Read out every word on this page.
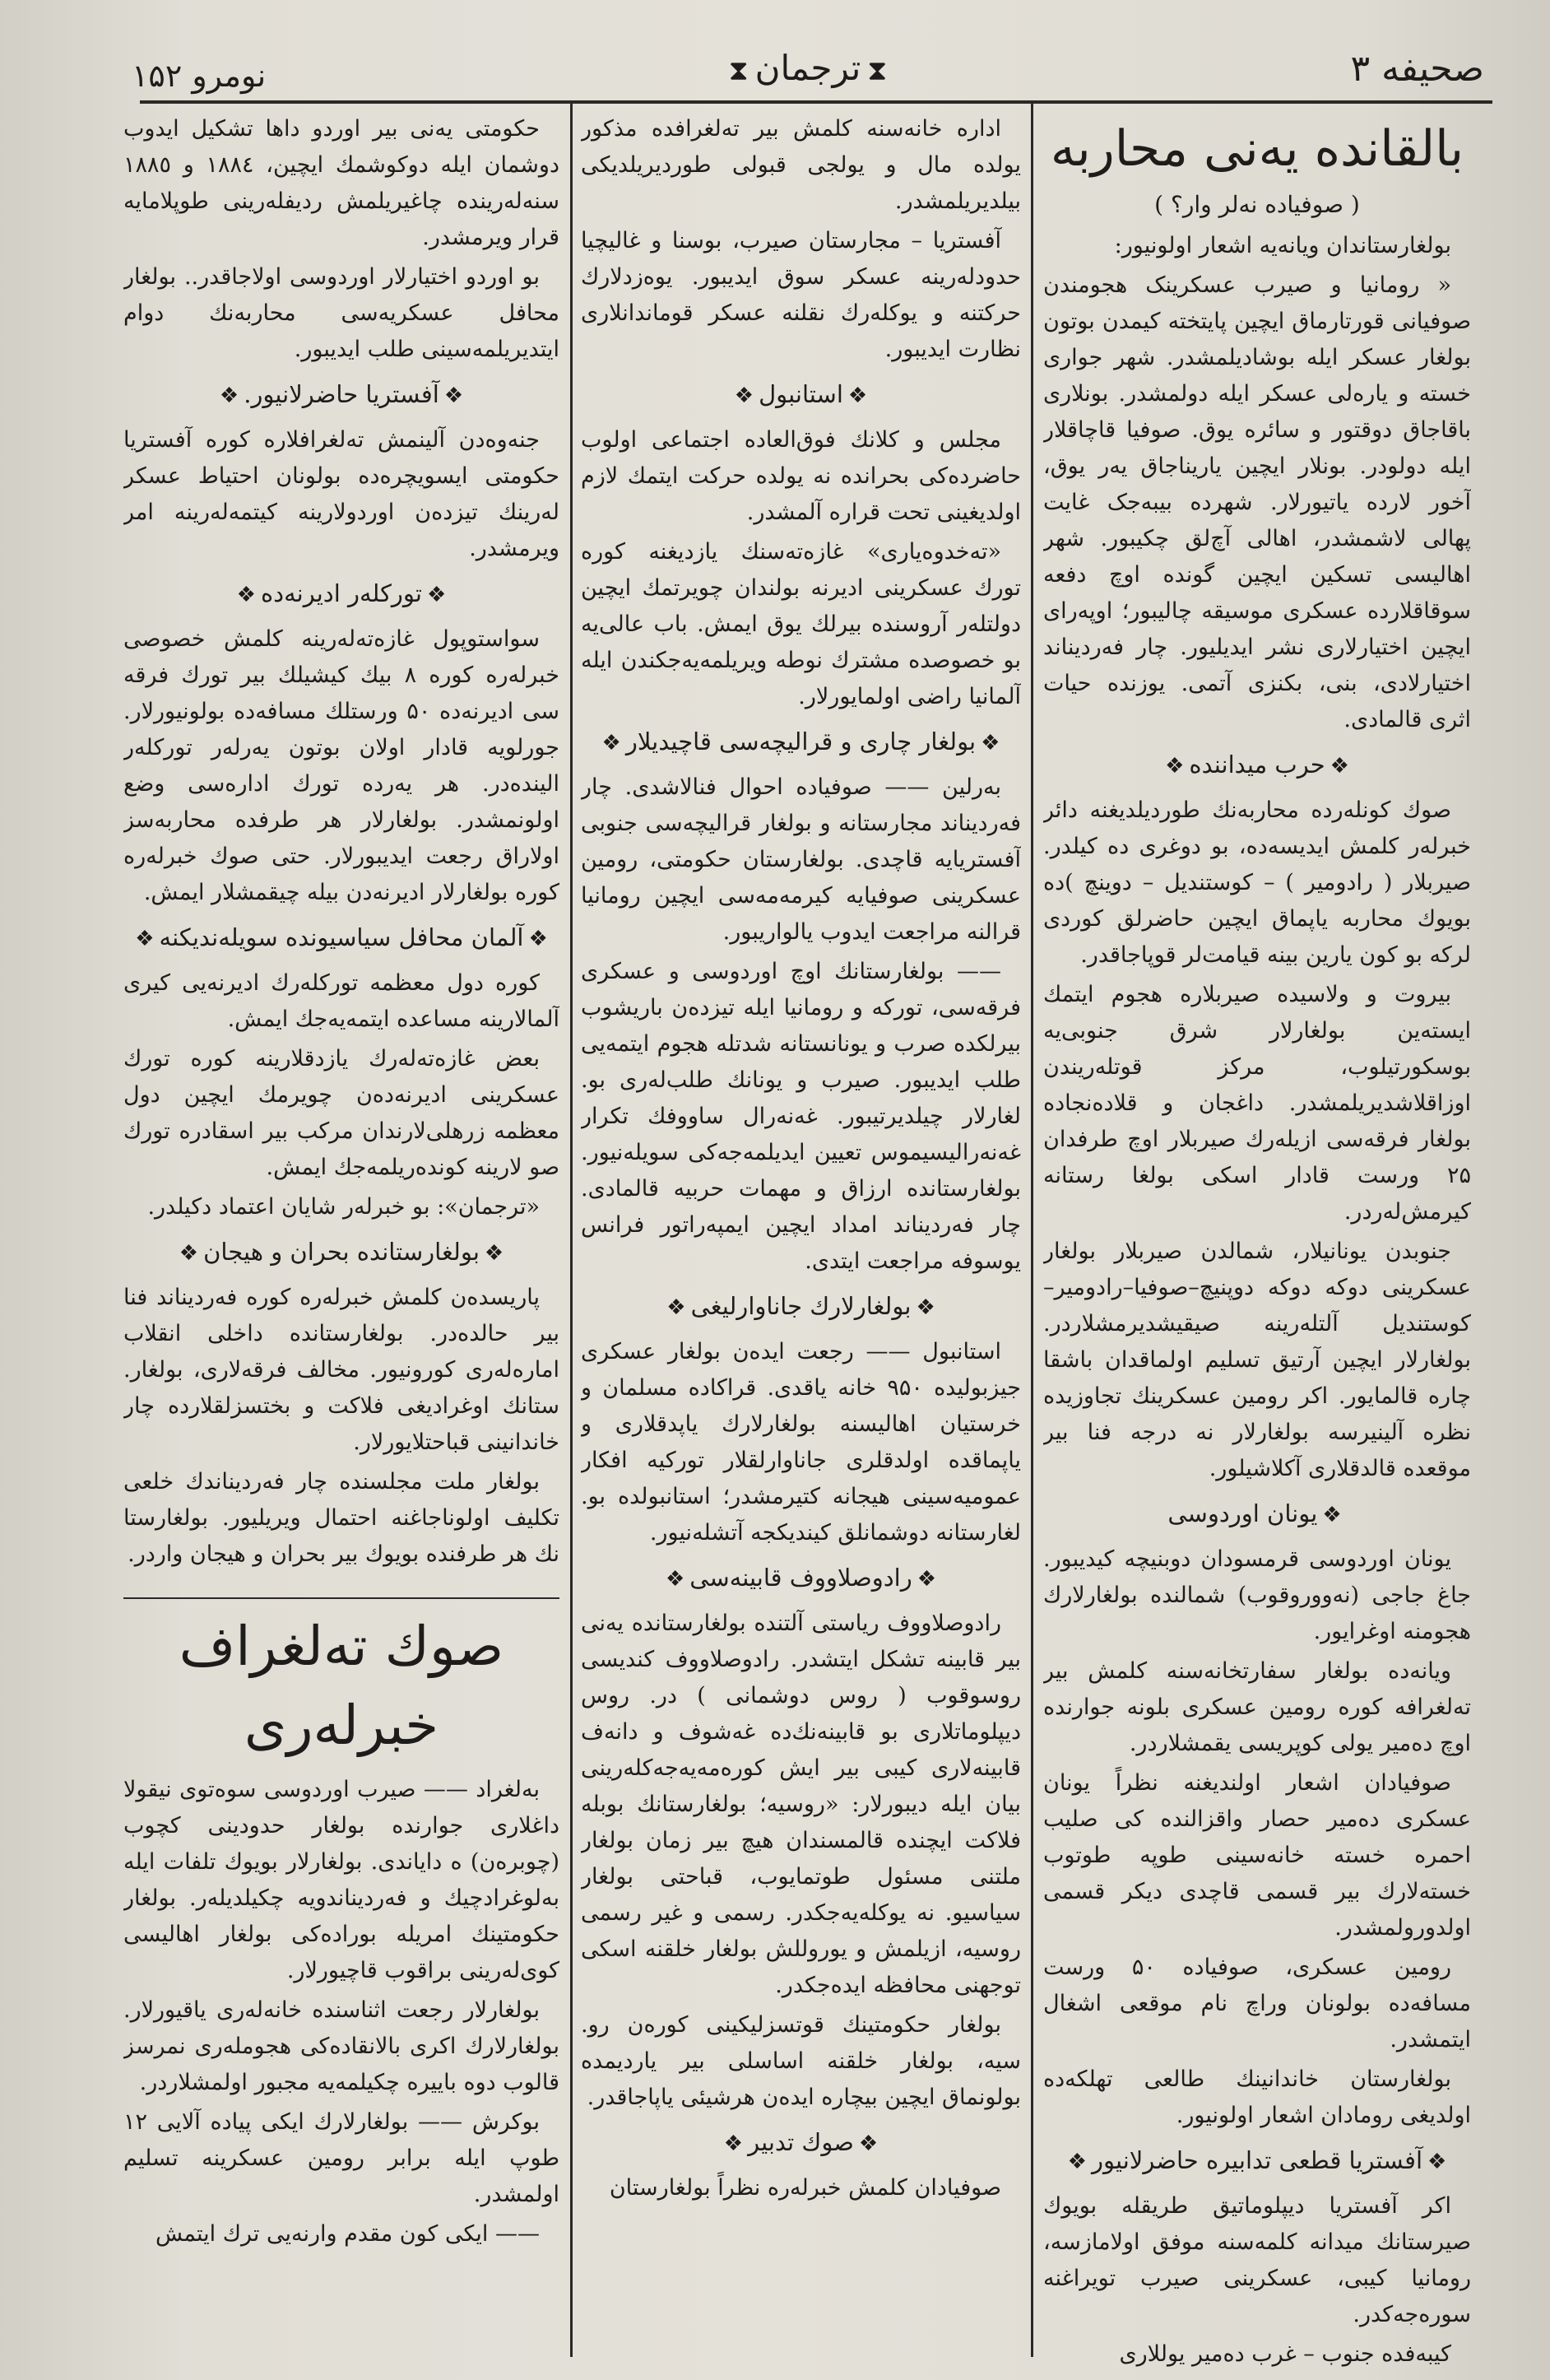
صحیفه ۳
⧗ترجمان⧗
نومرو ۱۵۲
بالقانده یه‌نی محاربه
( صوفیاده نه‌لر وار؟ )

بولغارستاندان ویانه‌یه اشعار اولونیور:

« رومانیا و صیرب عسکرینک هجومندن صوفیانی قورتارماق ایچین پایتخته کیمدن بوتون بولغار عسکر ایله بوشادیلمشدر. شهر جواری خسته و یارەلی عسکر ایله دولمشدر. بونلاری باقاجاق دوقتور و سائره یوق. صوفیا قاچاقلار ایله دولودر. بونلار ایچین یاریناجاق یەر یوق، آخور لارده یاتیورلار. شهرده بیبه‌جک غایت پهالی لاشمشدر، اهالی آچ‌لق چکیبور. شهر اهالیسی تسکین ایچین گونده اوچ دفعه سوقاقلارده عسکری موسیقه چالیبور؛ اوپەرای ایچین اختیارلاری نشر ایدیلیور. چار فەردیناند اختیارلادی، بنی، بکنزی آتمی. یوزنده حیات اثری قالمادی.

❖حرب میداننده❖

صوك کونلەرده محاربه‌نك طوردیلدیغنه دائر خبرلەر کلمش ایدیسه‌ده، بو دوغری ده کیلدر. صیربلار ( رادومیر ) – کوستندیل – دوینچ )ده بویوك محاربه یاپماق ایچین حاضرلق کوردی لرکه بو کون یارین بینه قیامت‌لر قوپاجاقدر.

بیروت و ولاسیده صیربلاره هجوم ایتمك ایسته‌ین بولغارلار شرق جنوبی‌یه بوسکورتیلوب، مرکز قوتلەریندن اوزاقلاشدیریلمشدر. داغجان و قلاده‌نجاده بولغار فرقه‌سی ازیله‌رك صیربلار اوچ طرفدان ۲۵ ورست قادار اسکی بولغا رستانه کیرمش‌لەردر.

جنوبدن یونانیلار، شمالدن صیربلار بولغار عسکرینی دوکه دوکه دوپنیچ–صوفیا–رادومیر–کوستندیل آلتلەرینه صیقیشدیرمشلاردر. بولغارلار ایچین آرتیق تسلیم اولماقدان باشقا چاره قالمایور. اکر رومین عسکرینك تجاوزیده نظره آلینیرسه بولغارلار نه درجه فنا بیر موقعده قالدقلاری آکلاشیلور.

❖یونان اوردوسی

یونان اوردوسی قرمسودان دوبنیچه کیدیبور. جاغ جاجی (نەووروقوب) شمالنده بولغارلارك هجومنه اوغرایور.

ویانه‌ده بولغار سفارتخانه‌سنه کلمش بیر تەلغرافه کوره رومین عسکری بلونه جوارنده اوچ دەمیر یولی کوپریسی یقمشلاردر.

صوفیادان اشعار اولندیغنه نظراً یونان عسکری دەمیر حصار واقزالنده کی صلیب احمره خسته خانه‌سینی طوپه طوتوب خسته‌لارك بیر قسمی قاچدی دیکر قسمی اولدورولمشدر.

رومین عسکری، صوفیاده ۵۰ ورست مسافه‌ده بولونان وراچ نام موقعی اشغال ایتمشدر.

بولغارستان خاندانینك طالعی تهلکه‌ده اولدیغی رومادان اشعار اولونیور.

❖آفستریا قطعی تدابیره حاضرلانیور❖

اکر آفستریا دیپلوماتیق طریقله بویوك صیرستانك میدانه کلمه‌سنه موفق اولامازسه، رومانیا کیبی، عسکرینی صیرب تویراغنه سوره‌جه‌کدر.

کیبه‌فده جنوب – غرب دەمیر یوللاری

اداره خانه‌سنه کلمش بیر تەلغرافده مذکور یولده مال و یولجی قبولی طوردیریلدیکی بیلدیریلمشدر.

آفستریا – مجارستان صیرب، بوسنا و غالیچیا حدودلەرینه عسکر سوق ایدیبور. یوه‌زدلارك حرکتنه و یوكلەرك نقلنه عسکر قوماندانلاری نظارت ایدیبور.

❖استانبول❖

مجلس و کلانك فوق‌العاده اجتماعی اولوب حاضرده‌کی بحرانده نه یولده حرکت ایتمك لازم اولدیغینی تحت قراره آلمشدر.

«تەخدوه‌یاری» غازه‌ته‌سنك یازدیغنه کوره تورك عسکرینی ادیرنه بولندان چویرتمك ایچین دولتلەر آروسنده بیرلك یوق ایمش. باب عالی‌یه بو خصوصده مشترك نوطه ویریلمه‌یه‌جکندن ایله آلمانیا راضی اولمایورلار.

❖بولغار چاری و قرالیچه‌سی قاچیدیلار❖

بەرلین —— صوفیاده احوال فنالاشدی. چار فەردیناند مجارستانه و بولغار قرالیچه‌سی جنوبی آفستریایه قاچدی. بولغارستان حکومتی، رومین عسکرینی صوفیایه کیرمه‌مه‌سی ایچین رومانیا قرالنه مراجعت ایدوب یالواریبور.

—— بولغارستانك اوچ اوردوسی و عسکری فرقه‌سی، تورکه و رومانیا ایله تیزدەن باریشوب بیرلکده صرب و یونانستانه شدتله هجوم ایتمه‌یی طلب ایدیبور. صیرب و یونانك طلب‌لەری بو. لغارلار چیلدیرتیبور. غەنەرال ساووفك تکرار غەنەرالیسیموس تعیین ایدیلمه‌جه‌کی سویله‌نیور. بولغارستانده ارزاق و مهمات حربیه قالمادی. چار فەردیناند امداد ایچین ایمپەراتور فرانس یوسوفه مراجعت ایتدی.

❖بولغارلارك جاناوارلیغی❖

استانبول —— رجعت ایدەن بولغار عسکری جیزبولیده ۹۵۰ خانه یاقدی. قراکاده مسلمان و خرستیان اهالیسنه بولغارلارك یاپدقلاری و یاپماقده اولدقلری جاناوارلقلار تورکیه افکار عمومیه‌سینی هیجانه کتیرمشدر؛ استانبولده بو. لغارستانه دوشمانلق کیندیکجه آتشلەنیور.

❖رادوصلاووف قابینه‌سی❖

رادوصلاووف ریاستی آلتنده بولغارستانده یه‌نی بیر قابینه تشکل ایتشدر. رادوصلاووف کندیسی روسوقوب ( روس دوشمانی ) در. روس دیپلوماتلاری بو قابینه‌نك‌ده غەشوف و دانەف قابینه‌لاری کیبی بیر ایش کوره‌مه‌یه‌جه‌کلەرینی بیان ایله دیبورلار: «روسیه؛ بولغارستانك بوبله فلاکت ایچنده قالمسندان هیچ بیر زمان بولغار ملتنی مسئول طوتمایوب، قباحتی بولغار سیاسیو. نه یوکله‌یه‌جکدر. رسمی و غیر رسمی روسیه، ازیلمش و یوروللش بولغار خلقنه اسکی توجهنی محافظه ایده‌جکدر.

بولغار حکومتینك قوتسزلیکینی کورەن رو. سیه، بولغار خلقنه اساسلی بیر یاردیمده بولونماق ایچین بیچاره ایدەن هرشیئی یاپاجاقدر.

❖صوك تدبیر❖

صوفیادان کلمش خبرلەره نظراً بولغارستان

حکومتی یه‌نی بیر اوردو داها تشکیل ایدوب دوشمان ایله دوکوشمك ایچین، ۱۸۸٤ و ۱۸۸٥ سنه‌لەرینده چاغیریلمش ردیفلەرینی طوپلامایه قرار ویرمشدر.

بو اوردو اختیارلار اوردوسی اولاجاقدر.. بولغار محافل عسکریه‌سی محاربه‌نك دوام ایتدیریلمه‌سینی طلب ایدیبور.

❖آفستریا حاضرلانیور.❖

جنەوه‌دن آلینمش تەلغرافلاره کوره آفستریا حکومتی ایسویچره‌ده بولونان احتیاط عسکر لەرینك تیزدەن اوردولارینه کیتمه‌لەرینه امر ویرمشدر.

❖تورکلەر ادیرنه‌ده❖

سواستوپول غازه‌ته‌لەرینه کلمش خصوصی خبرلەره کوره ۸ بیك کیشیلك بیر تورك فرقه سی ادیرنه‌ده ۵۰ ورستلك مسافه‌ده بولونیورلار. جورلویه قادار اولان بوتون یەرلەر تورکلەر الینده‌در. هر یەرده تورك اداره‌سی وضع اولونمشدر. بولغارلار هر طرفده محاربه‌سز اولاراق رجعت ایدیبورلار. حتی صوك خبرلەره کوره بولغارلار ادیرنه‌دن بیله چیقمشلار ایمش.

❖آلمان محافل سیاسیونده سویله‌ندیکنه❖

کوره دول معظمه تورکلەرك ادیرنه‌یی کیری آلمالارینه مساعده ایتمه‌یه‌جك ایمش.

بعض غازه‌ته‌لەرك یازدقلارینه کوره تورك عسکرینی ادیرنه‌دەن چویرمك ایچین دول معظمه زرهلی‌لارندان مرکب بیر اسقادره تورك صو لارینه کوندەریلمه‌جك ایمش.

«ترجمان»: بو خبرلەر شایان اعتماد دکیلدر.

❖بولغارستانده بحران و هیجان❖

پاریسده‌ن کلمش خبرلەره کوره فەردیناند فنا بیر حالده‌در. بولغارستانده داخلی انقلاب امارەلەری کورونیور. مخالف فرقه‌لاری، بولغار. ستانك اوغرادیغی فلاکت و بختسزلقلارده چار خاندانینی قباحتلایورلار.

بولغار ملت مجلسنده چار فەردیناندك خلعی تکلیف اولوناجاغنه احتمال ویریلیور. بولغارستا نك هر طرفنده بویوك بیر بحران و هیجان واردر.

صوك تەلغراف خبرلەری

بەلغراد —— صیرب اوردوسی سوه‌توی نیقولا داغلاری جوارنده بولغار حدودینی کچوب (چوبرەن) ه دایاندی. بولغارلار بویوك تلفات ایله بەلوغرادچیك و فەردیناندویه چکیلدیلەر. بولغار حکومتینك امریله بوراده‌کی بولغار اهالیسی کوی‌لەرینی براقوب قاچیورلار.

بولغارلار رجعت اثناسنده خانه‌لەری یاقیورلار. بولغارلارك اکری بالانقاده‌کی هجوملەری نمرسز قالوب دوه باییره چکیلمه‌یه مجبور اولمشلاردر.

بوکرش —— بولغارلارك ایکی پیاده آلایی ۱۲ طوپ ایله برابر رومین عسکرینه تسلیم اولمشدر.

—— ایکی کون مقدم وارنه‌یی ترك ایتمش
